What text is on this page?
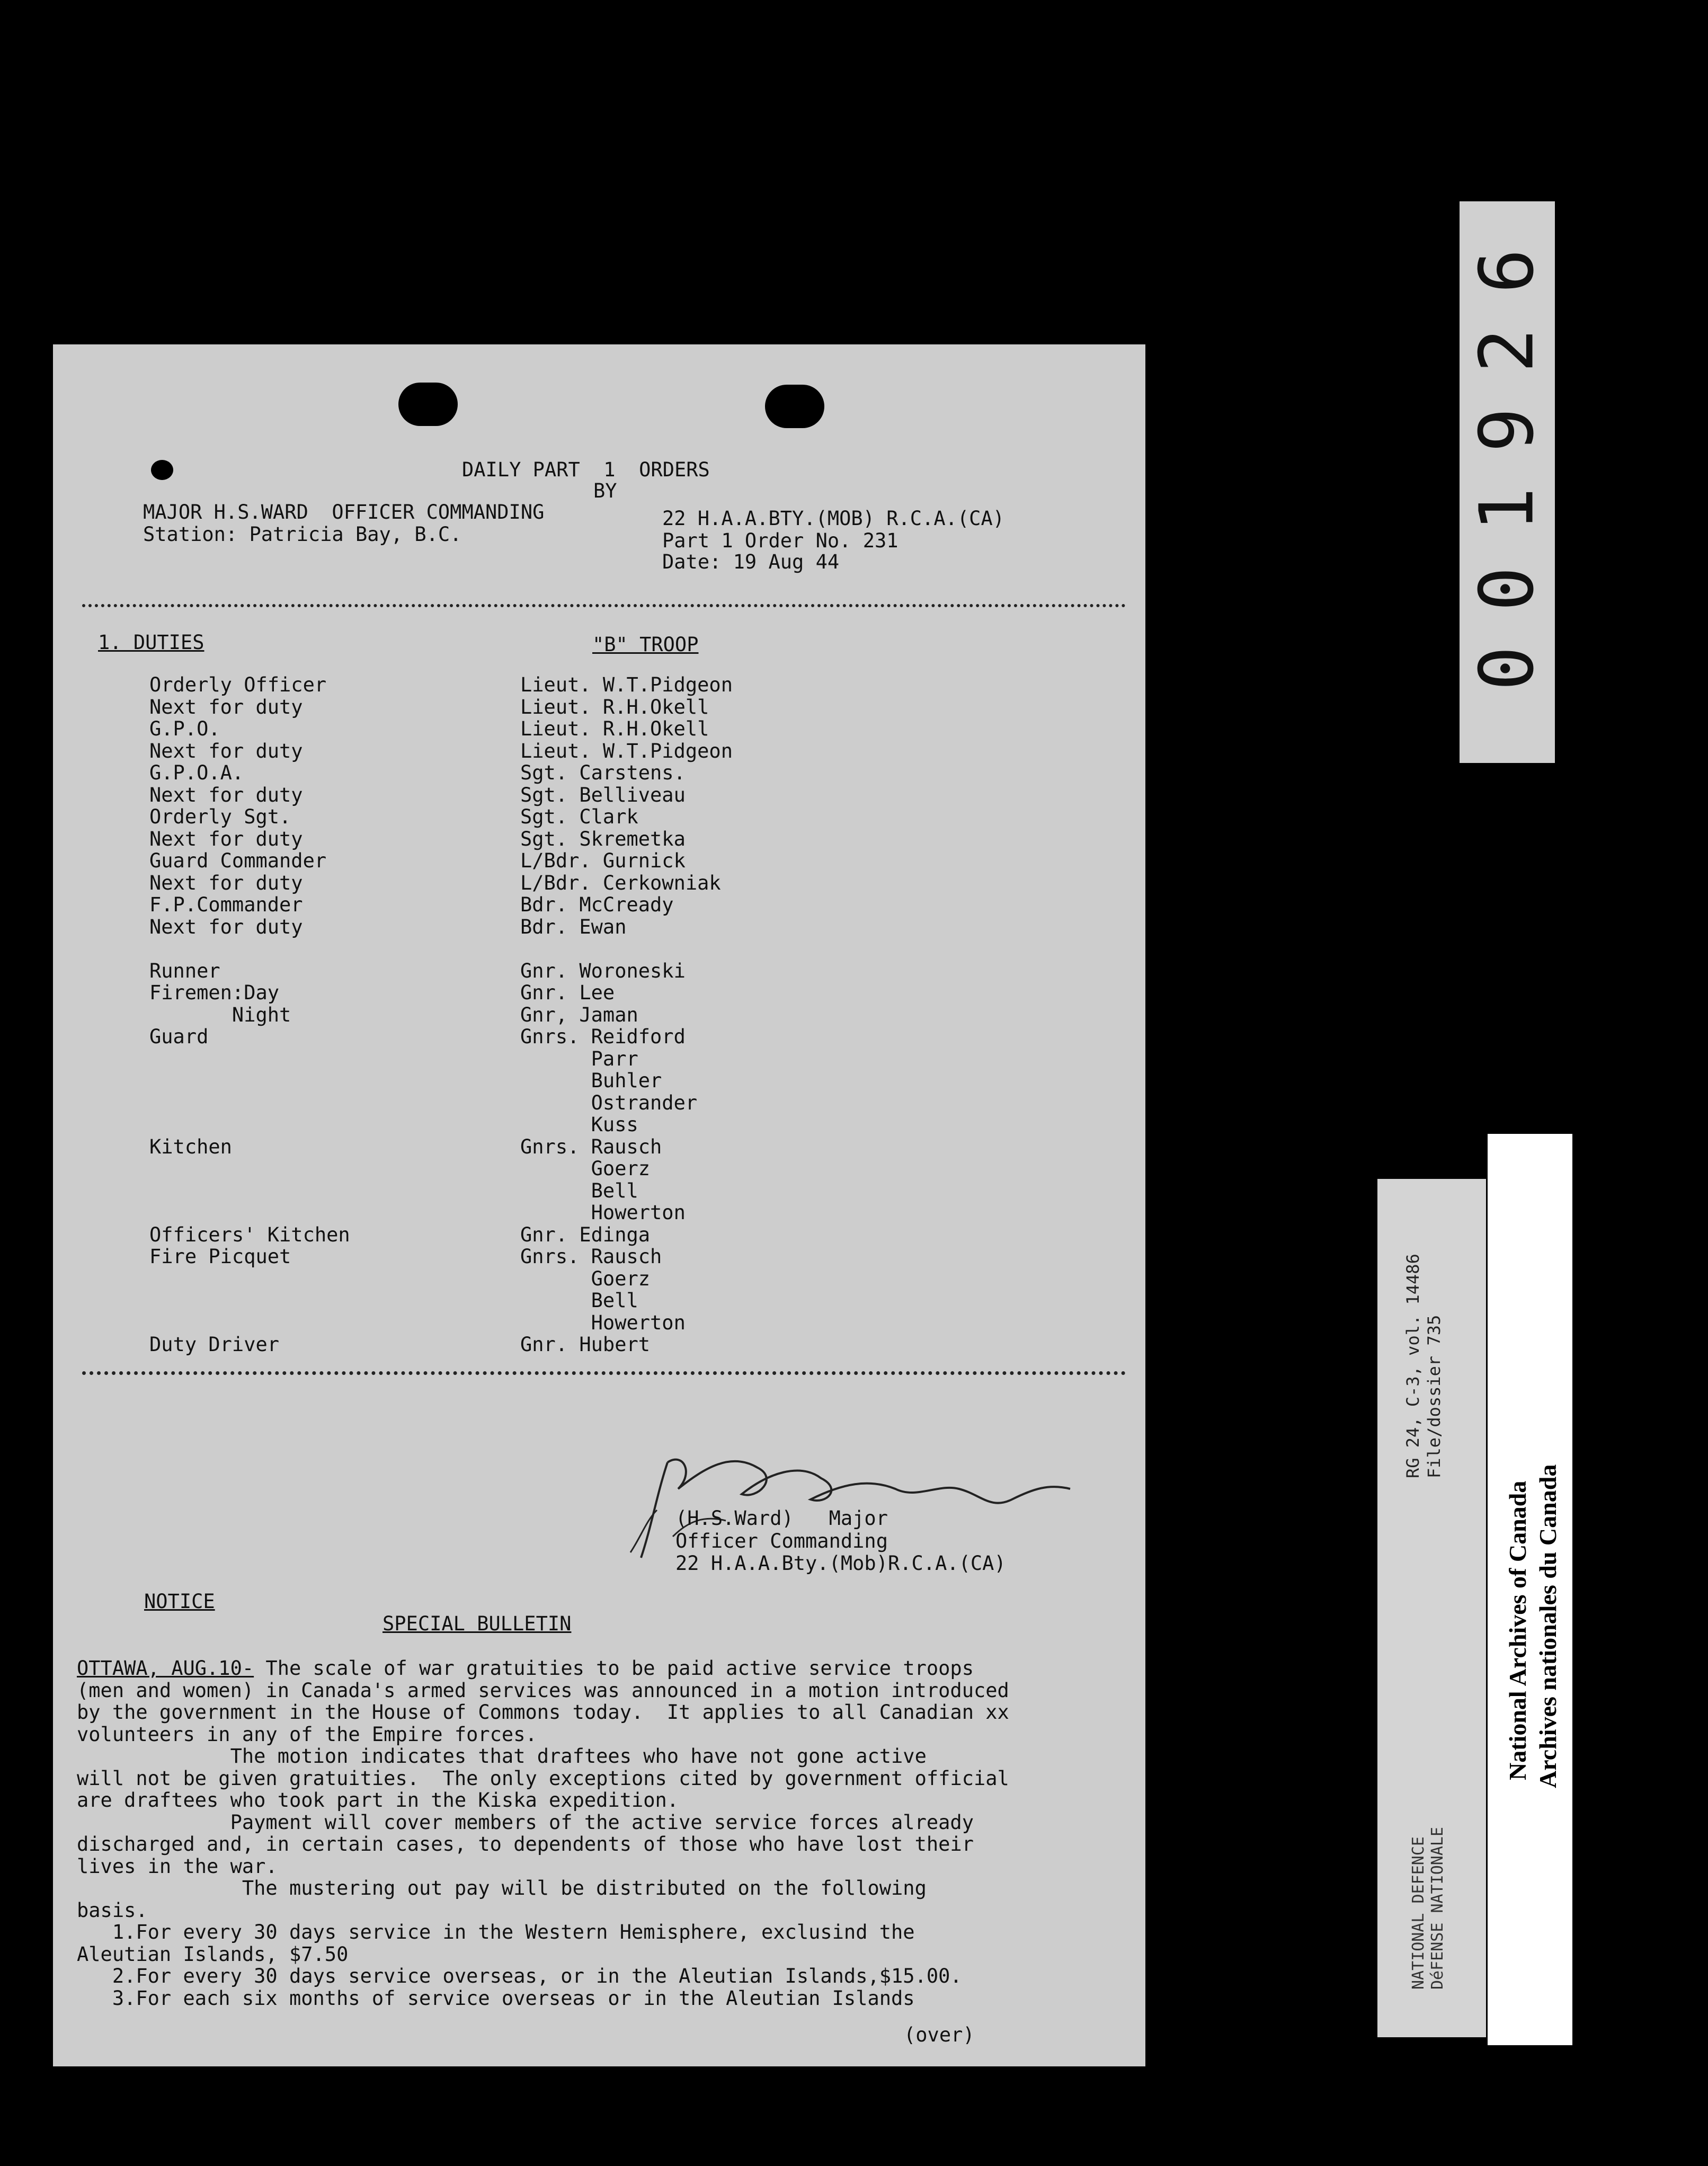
DAILY PART  1  ORDERS
BY
MAJOR H.S.WARD  OFFICER COMMANDING
Station: Patricia Bay, B.C.
22 H.A.A.BTY.(MOB) R.C.A.(CA)
Part 1 Order No. 231
Date: 19 Aug 44
1. DUTIES	"B" TROOP
Orderly Officer	Lieut. W.T.Pidgeon
Next for duty	Lieut. R.H.Okell
G.P.O.	Lieut. R.H.Okell
Next for duty	Lieut. W.T.Pidgeon
G.P.O.A.	Sgt. Carstens.
Next for duty	Sgt. Belliveau
Orderly Sgt.	Sgt. Clark
Next for duty	Sgt. Skremetka
Guard Commander	L/Bdr. Gurnick
Next for duty	L/Bdr. Cerkowniak
F.P.Commander	Bdr. McCready
Next for duty	Bdr. Ewan
Runner	Gnr. Woroneski
Firemen:Day	Gnr. Lee
Night	Gnr, Jaman
Guard	Gnrs. Reidford
Parr
Buhler
Ostrander
Kuss
Kitchen	Gnrs. Rausch
Goerz
Bell
Howerton
Officers' Kitchen	Gnr. Edinga
Fire Picquet	Gnrs. Rausch
Goerz
Bell
Howerton
Duty Driver	Gnr. Hubert
(H.S.Ward)   Major
Officer Commanding
22 H.A.A.Bty.(Mob)R.C.A.(CA)
NOTICE
SPECIAL BULLETIN
OTTAWA, AUG.10- The scale of war gratuities to be paid active service troops
(men and women) in Canada's armed services was announced in a motion introduced
by the government in the House of Commons today.  It applies to all Canadian xx
volunteers in any of the Empire forces.
The motion indicates that draftees who have not gone active
will not be given gratuities.  The only exceptions cited by government official
are draftees who took part in the Kiska expedition.
Payment will cover members of the active service forces already
discharged and, in certain cases, to dependents of those who have lost their
lives in the war.
The mustering out pay will be distributed on the following
basis.
1.For every 30 days service in the Western Hemisphere, exclusind the
Aleutian Islands, $7.50
2.For every 30 days service overseas, or in the Aleutian Islands,$15.00.
3.For each six months of service overseas or in the Aleutian Islands
(over)
0
0
1
9
2
6
RG 24, C-3, vol. 14486 File/dossier 735
NATIONAL DEFENCE DéFENSE NATIONALE
National Archives of Canada Archives nationales du Canada
